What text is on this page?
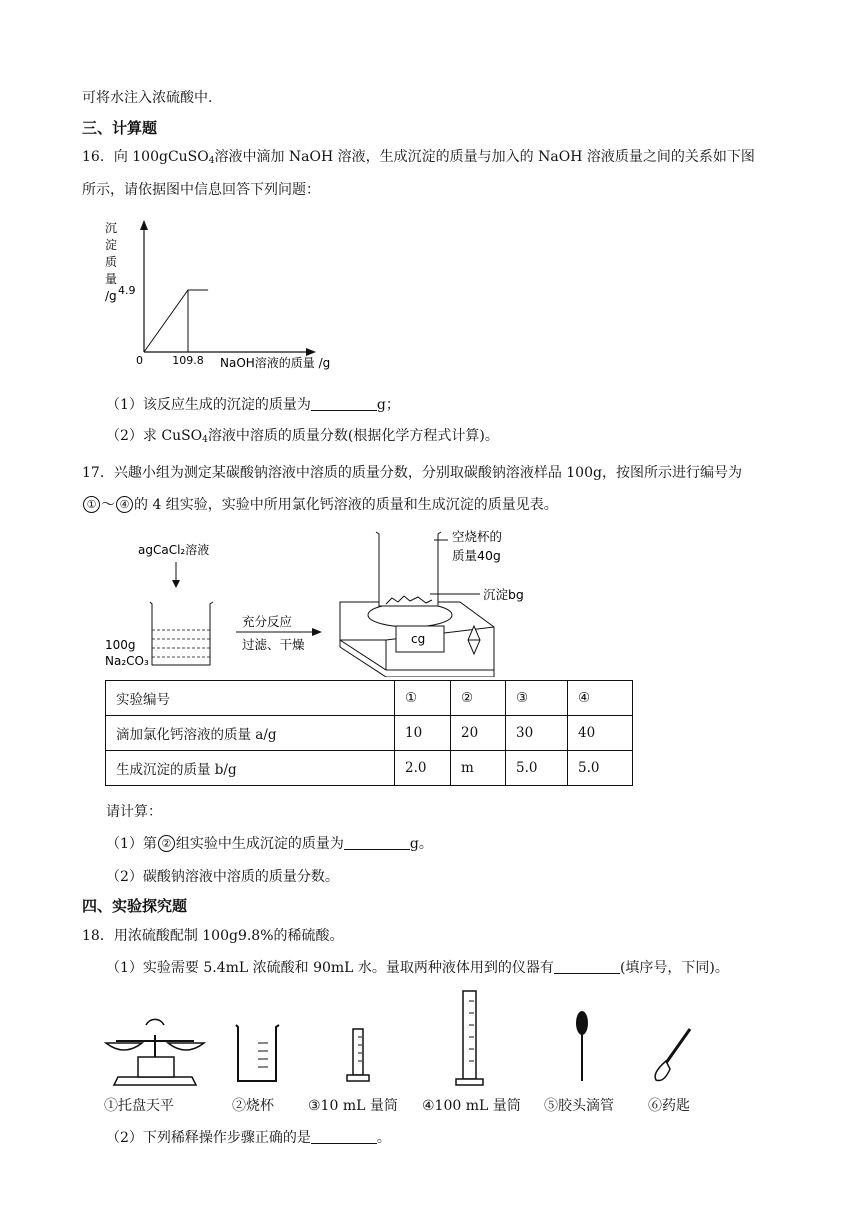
可将水注入浓硫酸中.
三、计算题
16．向 100gCuSO$_4$溶液中滴加 NaOH 溶液，生成沉淀的质量与加入的 NaOH 溶液质量之间的关系如下图
所示，请依据图中信息回答下列问题：
沉
淀
质
量
/g 4.9
0	109.8 NaOH溶液的质量 /g
（1）该反应生成的沉淀的质量为	g；
（2）求 CuSO$_4$溶液中溶质的质量分数(根据化学方程式计算)。
17．兴趣小组为测定某碳酸钠溶液中溶质的质量分数，分别取碳酸钠溶液样品 100g，按图所示进行编号为
① ～ ④ 的 4 组实验，实验中所用氯化钙溶液的质量和生成沉淀的质量见表。
agCaCl₂溶液
100g
Na₂CO₃
充分反应
过滤、干燥	cg
空烧杯的
质量40g
沉淀bg
实验编号	①	②	③	④
滴加氯化钙溶液的质量 a/g	10	20	30	40
生成沉淀的质量 b/g	2.0	m	5.0	5.0
请计算：
（1）第 ② 组实验中生成沉淀的质量为	g。
（2）碳酸钠溶液中溶质的质量分数。
四、实验探究题
18．用浓硫酸配制 100g9.8%的稀硫酸。
（1）实验需要 5.4mL 浓硫酸和 90mL 水。量取两种液体用到的仪器有	(填序号，下同)。
①托盘天平	②烧杯 ③10 mL 量筒 ④100 mL 量筒 ⑤胶头滴管 ⑥药匙
（2）下列稀释操作步骤正确的是	。
